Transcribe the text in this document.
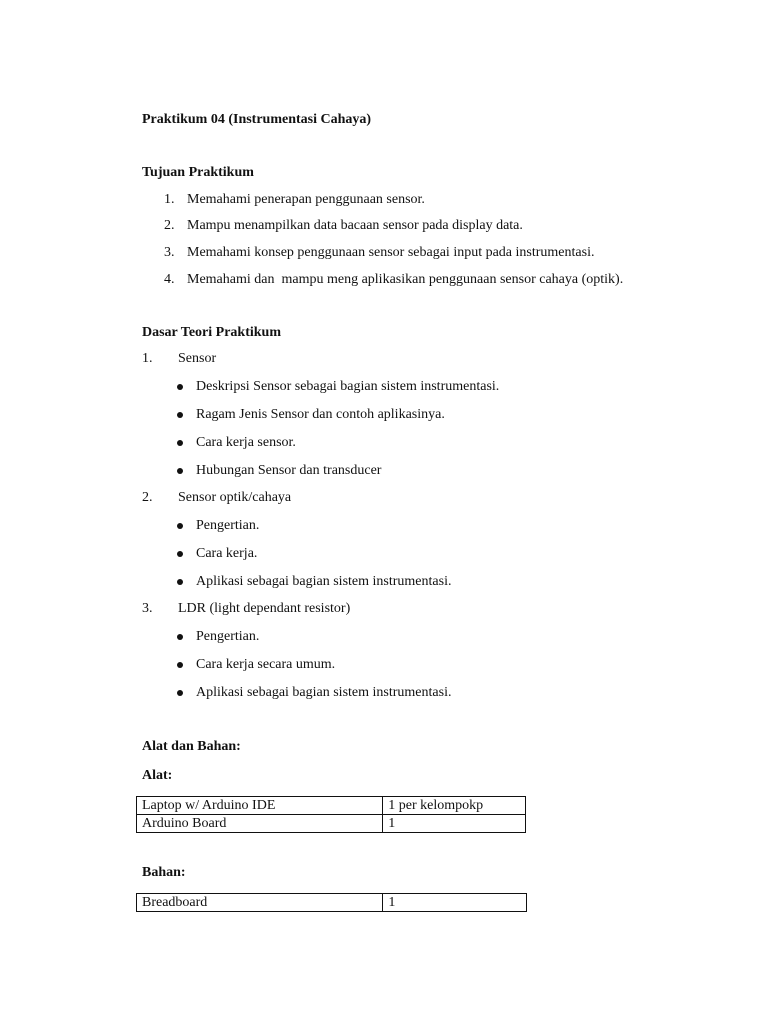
Praktikum 04 (Instrumentasi Cahaya)
Tujuan Praktikum
1. Memahami penerapan penggunaan sensor.
2. Mampu menampilkan data bacaan sensor pada display data.
3. Memahami konsep penggunaan sensor sebagai input pada instrumentasi.
4. Memahami dan  mampu meng aplikasikan penggunaan sensor cahaya (optik).
Dasar Teori Praktikum
1. Sensor
Deskripsi Sensor sebagai bagian sistem instrumentasi.
Ragam Jenis Sensor dan contoh aplikasinya.
Cara kerja sensor.
Hubungan Sensor dan transducer
2. Sensor optik/cahaya
Pengertian.
Cara kerja.
Aplikasi sebagai bagian sistem instrumentasi.
3. LDR (light dependant resistor)
Pengertian.
Cara kerja secara umum.
Aplikasi sebagai bagian sistem instrumentasi.
Alat dan Bahan:
Alat:
Laptop w/ Arduino IDE	1 per kelompokp
Arduino Board	1
Bahan:
Breadboard	1
